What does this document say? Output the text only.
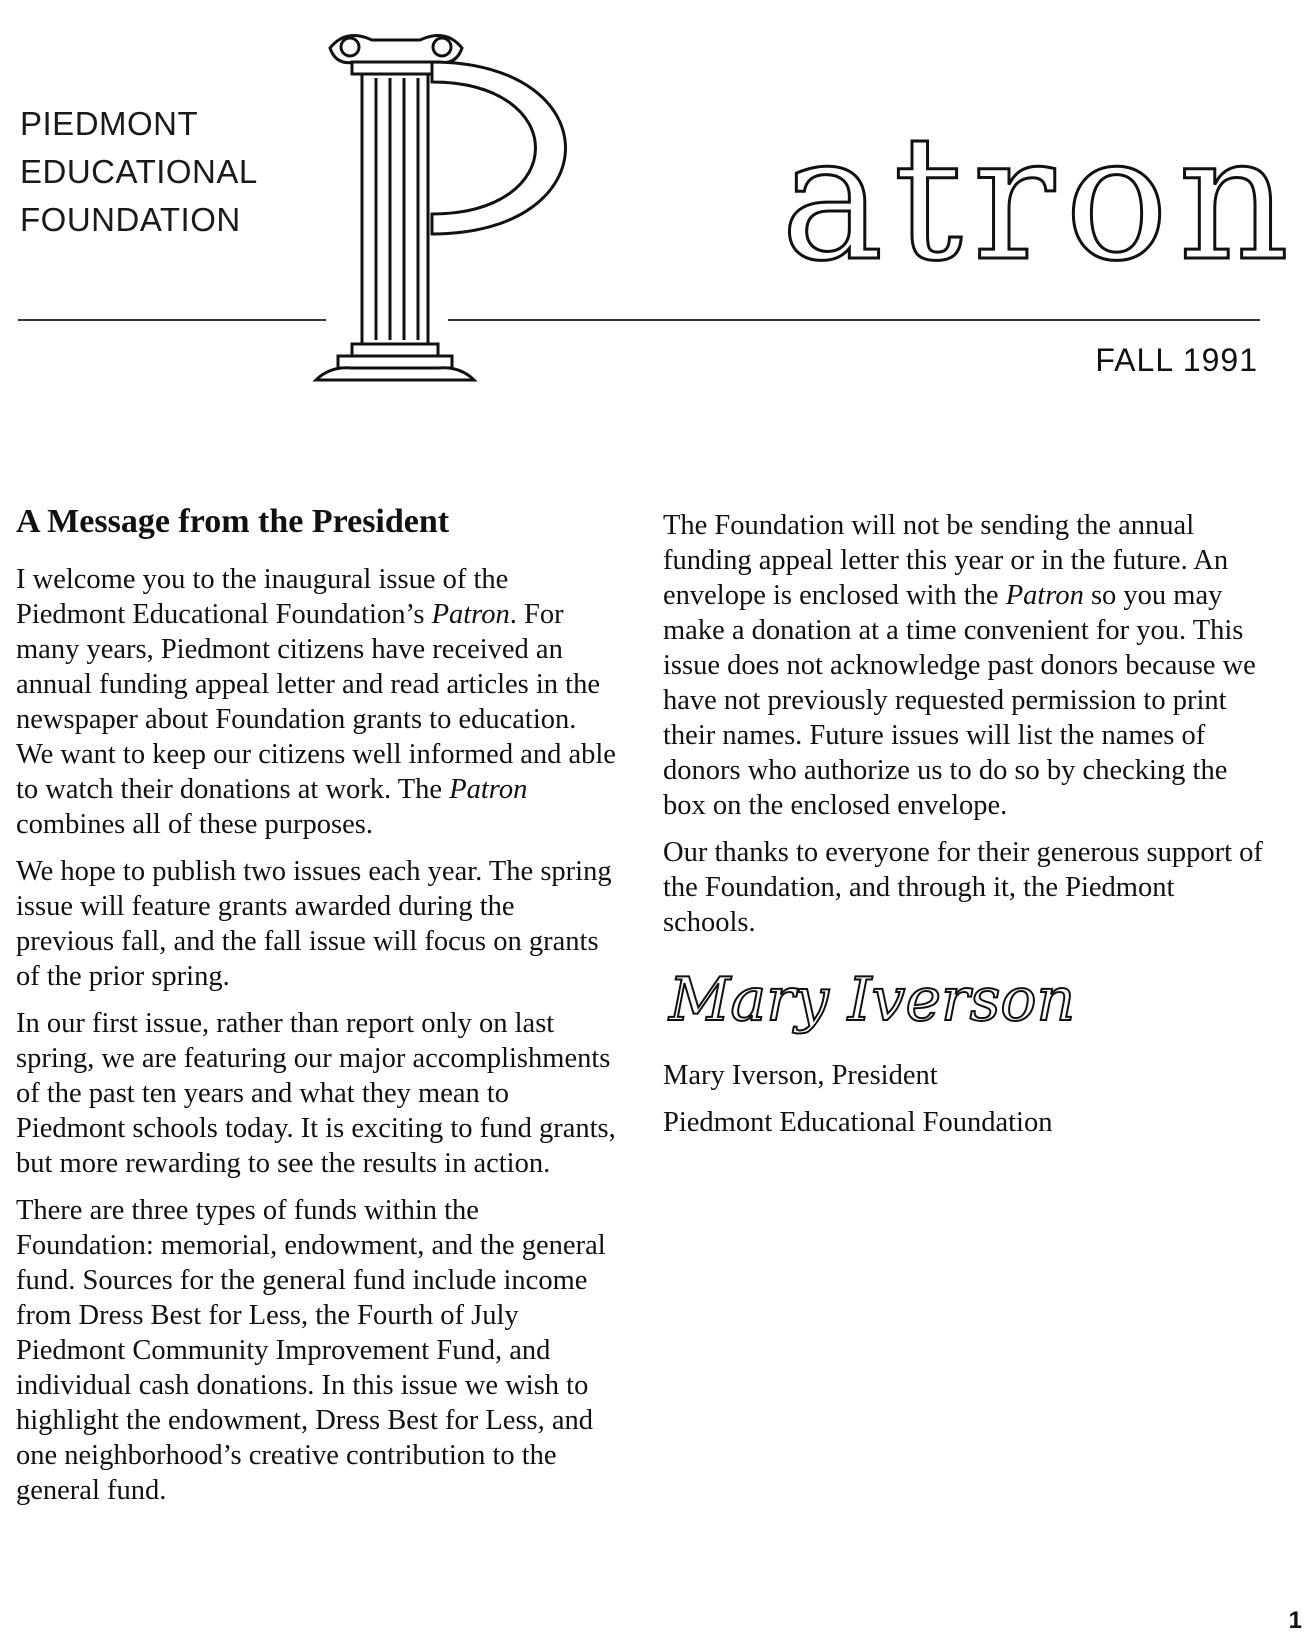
atron
PIEDMONT
EDUCATIONAL
FOUNDATION
FALL 1991
A Message from the President

I welcome you to the inaugural issue of the Piedmont Educational Foundation’s Patron. For many years, Piedmont citizens have received an annual funding appeal letter and read articles in the newspaper about Foundation grants to education. We want to keep our citizens well informed and able to watch their donations at work. The Patron combines all of these purposes.

We hope to publish two issues each year. The spring issue will feature grants awarded during the previous fall, and the fall issue will focus on grants of the prior spring.

In our first issue, rather than report only on last spring, we are featuring our major accomplishments of the past ten years and what they mean to Piedmont schools today. It is exciting to fund grants, but more rewarding to see the results in action.

There are three types of funds within the Foundation: memorial, endowment, and the general fund. Sources for the general fund include income from Dress Best for Less, the Fourth of July Piedmont Community Improvement Fund, and individual cash donations. In this issue we wish to highlight the endowment, Dress Best for Less, and one neighborhood’s creative contribution to the general fund.

The Foundation will not be sending the annual funding appeal letter this year or in the future. An envelope is enclosed with the Patron so you may make a donation at a time convenient for you. This issue does not acknowledge past donors because we have not previously requested permission to print their names. Future issues will list the names of donors who authorize us to do so by checking the box on the enclosed envelope.

Our thanks to everyone for their generous support of the Foundation, and through it, the Piedmont schools.

Mary Iverson

Mary Iverson, President

Piedmont Educational Foundation

1
